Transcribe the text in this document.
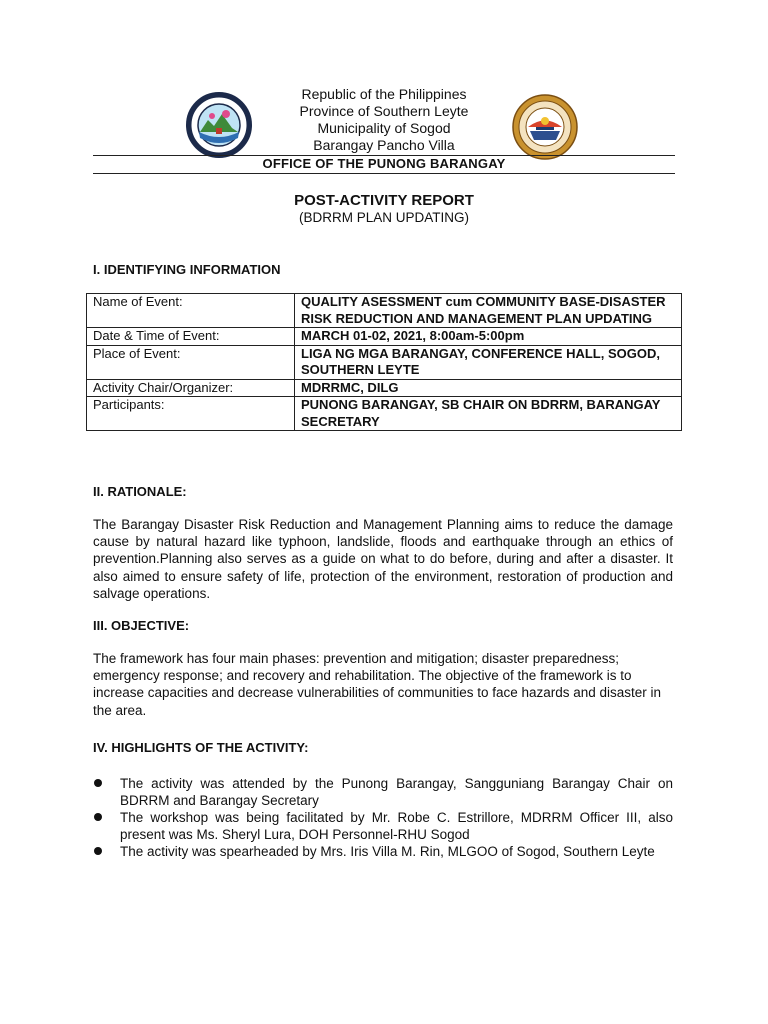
Republic of the Philippines
Province of Southern Leyte
Municipality of Sogod
Barangay Pancho Villa
OFFICE OF THE PUNONG BARANGAY
POST-ACTIVITY REPORT
(BDRRM PLAN UPDATING)
I. IDENTIFYING INFORMATION
Name of Event:	QUALITY ASESSMENT cum COMMUNITY BASE-DISASTER RISK REDUCTION AND MANAGEMENT PLAN UPDATING
Date & Time of Event:	MARCH 01-02, 2021, 8:00am-5:00pm
Place of Event:	LIGA NG MGA BARANGAY, CONFERENCE HALL, SOGOD, SOUTHERN LEYTE
Activity Chair/Organizer:	MDRRMC, DILG
Participants:	PUNONG BARANGAY, SB CHAIR ON BDRRM, BARANGAY SECRETARY
II. RATIONALE:
The Barangay Disaster Risk Reduction and Management Planning aims to reduce the damage cause by natural hazard like typhoon, landslide, floods and earthquake through an ethics of prevention.Planning also serves as a guide on what to do before, during and after a disaster. It also aimed to ensure safety of life, protection of the environment, restoration of production and salvage operations.
III. OBJECTIVE:
The framework has four main phases: prevention and mitigation; disaster preparedness; emergency response; and recovery and rehabilitation. The objective of the framework is to increase capacities and decrease vulnerabilities of communities to face hazards and disaster in the area.
IV. HIGHLIGHTS OF THE ACTIVITY:
The activity was attended by the Punong Barangay, Sangguniang Barangay Chair on BDRRM and Barangay Secretary
The workshop was being facilitated by Mr. Robe C. Estrillore, MDRRM Officer III, also present was Ms. Sheryl Lura, DOH Personnel-RHU Sogod
The activity was spearheaded by Mrs. Iris Villa M. Rin, MLGOO of Sogod, Southern Leyte
